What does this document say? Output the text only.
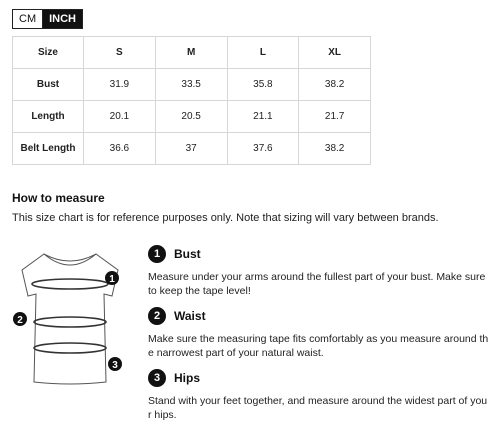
CM	INCH
Size	S	M	L	XL
Bust	31.9	33.5	35.8	38.2
Length	20.1	20.5	21.1	21.7
Belt Length	36.6	37	37.6	38.2
How to measure
This size chart is for reference purposes only. Note that sizing will vary between brands.
1
2
3
1	Bust
Measure under your arms around the fullest part of your bust. Make sure to keep the tape level!
2	Waist
Make sure the measuring tape fits comfortably as you measure around the narrowest part of your natural waist.
3	Hips
Stand with your feet together, and measure around the widest part of your hips.
